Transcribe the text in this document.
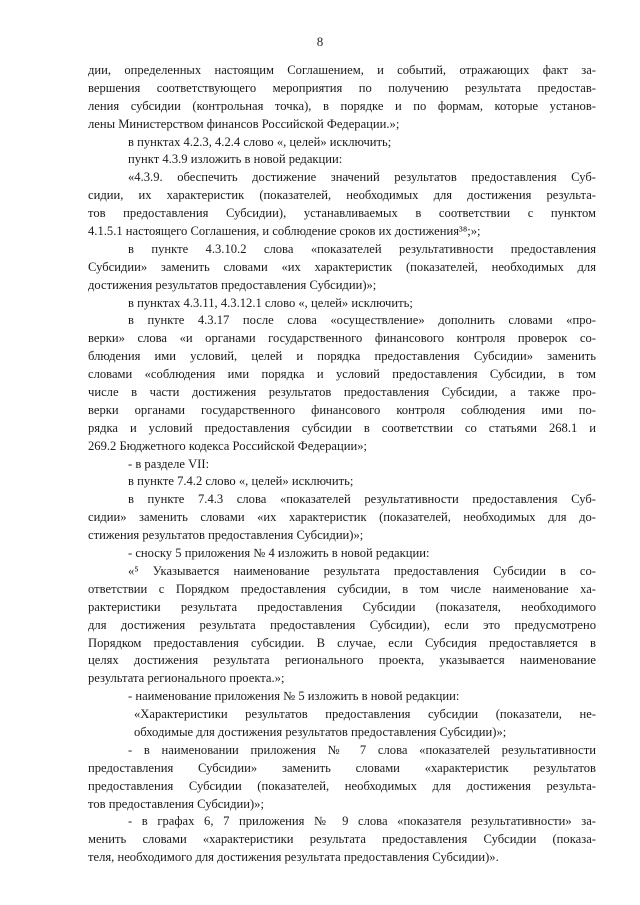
8
дии, определенных настоящим Соглашением, и событий, отражающих факт за-
вершения соответствующего мероприятия по получению результата предостав-
ления субсидии (контрольная точка), в порядке и по формам, которые установ-
лены Министерством финансов Российской Федерации.»;
в пунктах 4.2.3, 4.2.4 слово «, целей» исключить;
пункт 4.3.9 изложить в новой редакции:
«4.3.9. обеспечить достижение значений результатов предоставления Суб-
сидии, их характеристик (показателей, необходимых для достижения результа-
тов предоставления Субсидии), устанавливаемых в соответствии с пунктом
4.1.5.1 настоящего Соглашения, и соблюдение сроков их достижения³⁸;»;
в пункте 4.3.10.2 слова «показателей результативности предоставления
Субсидии» заменить словами «их характеристик (показателей, необходимых для
достижения результатов предоставления Субсидии)»;
в пунктах 4.3.11, 4.3.12.1 слово «, целей» исключить;
в пункте 4.3.17 после слова «осуществление» дополнить словами «про-
верки» слова «и органами государственного финансового контроля проверок со-
блюдения ими условий, целей и порядка предоставления Субсидии» заменить
словами «соблюдения ими порядка и условий предоставления Субсидии, в том
числе в части достижения результатов предоставления Субсидии, а также про-
верки органами государственного финансового контроля соблюдения ими по-
рядка и условий предоставления субсидии в соответствии со статьями 268.1 и
269.2 Бюджетного кодекса Российской Федерации»;
- в разделе VII:
в пункте 7.4.2 слово «, целей» исключить;
в пункте 7.4.3 слова «показателей результативности предоставления Суб-
сидии» заменить словами «их характеристик (показателей, необходимых для до-
стижения результатов предоставления Субсидии)»;
- сноску 5 приложения № 4 изложить в новой редакции:
«⁵ Указывается наименование результата предоставления Субсидии в со-
ответствии с Порядком предоставления субсидии, в том числе наименование ха-
рактеристики результата предоставления Субсидии (показателя, необходимого
для достижения результата предоставления Субсидии), если это предусмотрено
Порядком предоставления субсидии. В случае, если Субсидия предоставляется в
целях достижения результата регионального проекта, указывается наименование
результата регионального проекта.»;
- наименование приложения № 5 изложить в новой редакции:
«Характеристики результатов предоставления субсидии (показатели, не-
обходимые для достижения результатов предоставления Субсидии)»;
- в наименовании приложения № 7 слова «показателей результативности
предоставления Субсидии» заменить словами «характеристик результатов
предоставления Субсидии (показателей, необходимых для достижения результа-
тов предоставления Субсидии)»;
- в графах 6, 7 приложения № 9 слова «показателя результативности» за-
менить словами «характеристики результата предоставления Субсидии (показа-
теля, необходимого для достижения результата предоставления Субсидии)».
